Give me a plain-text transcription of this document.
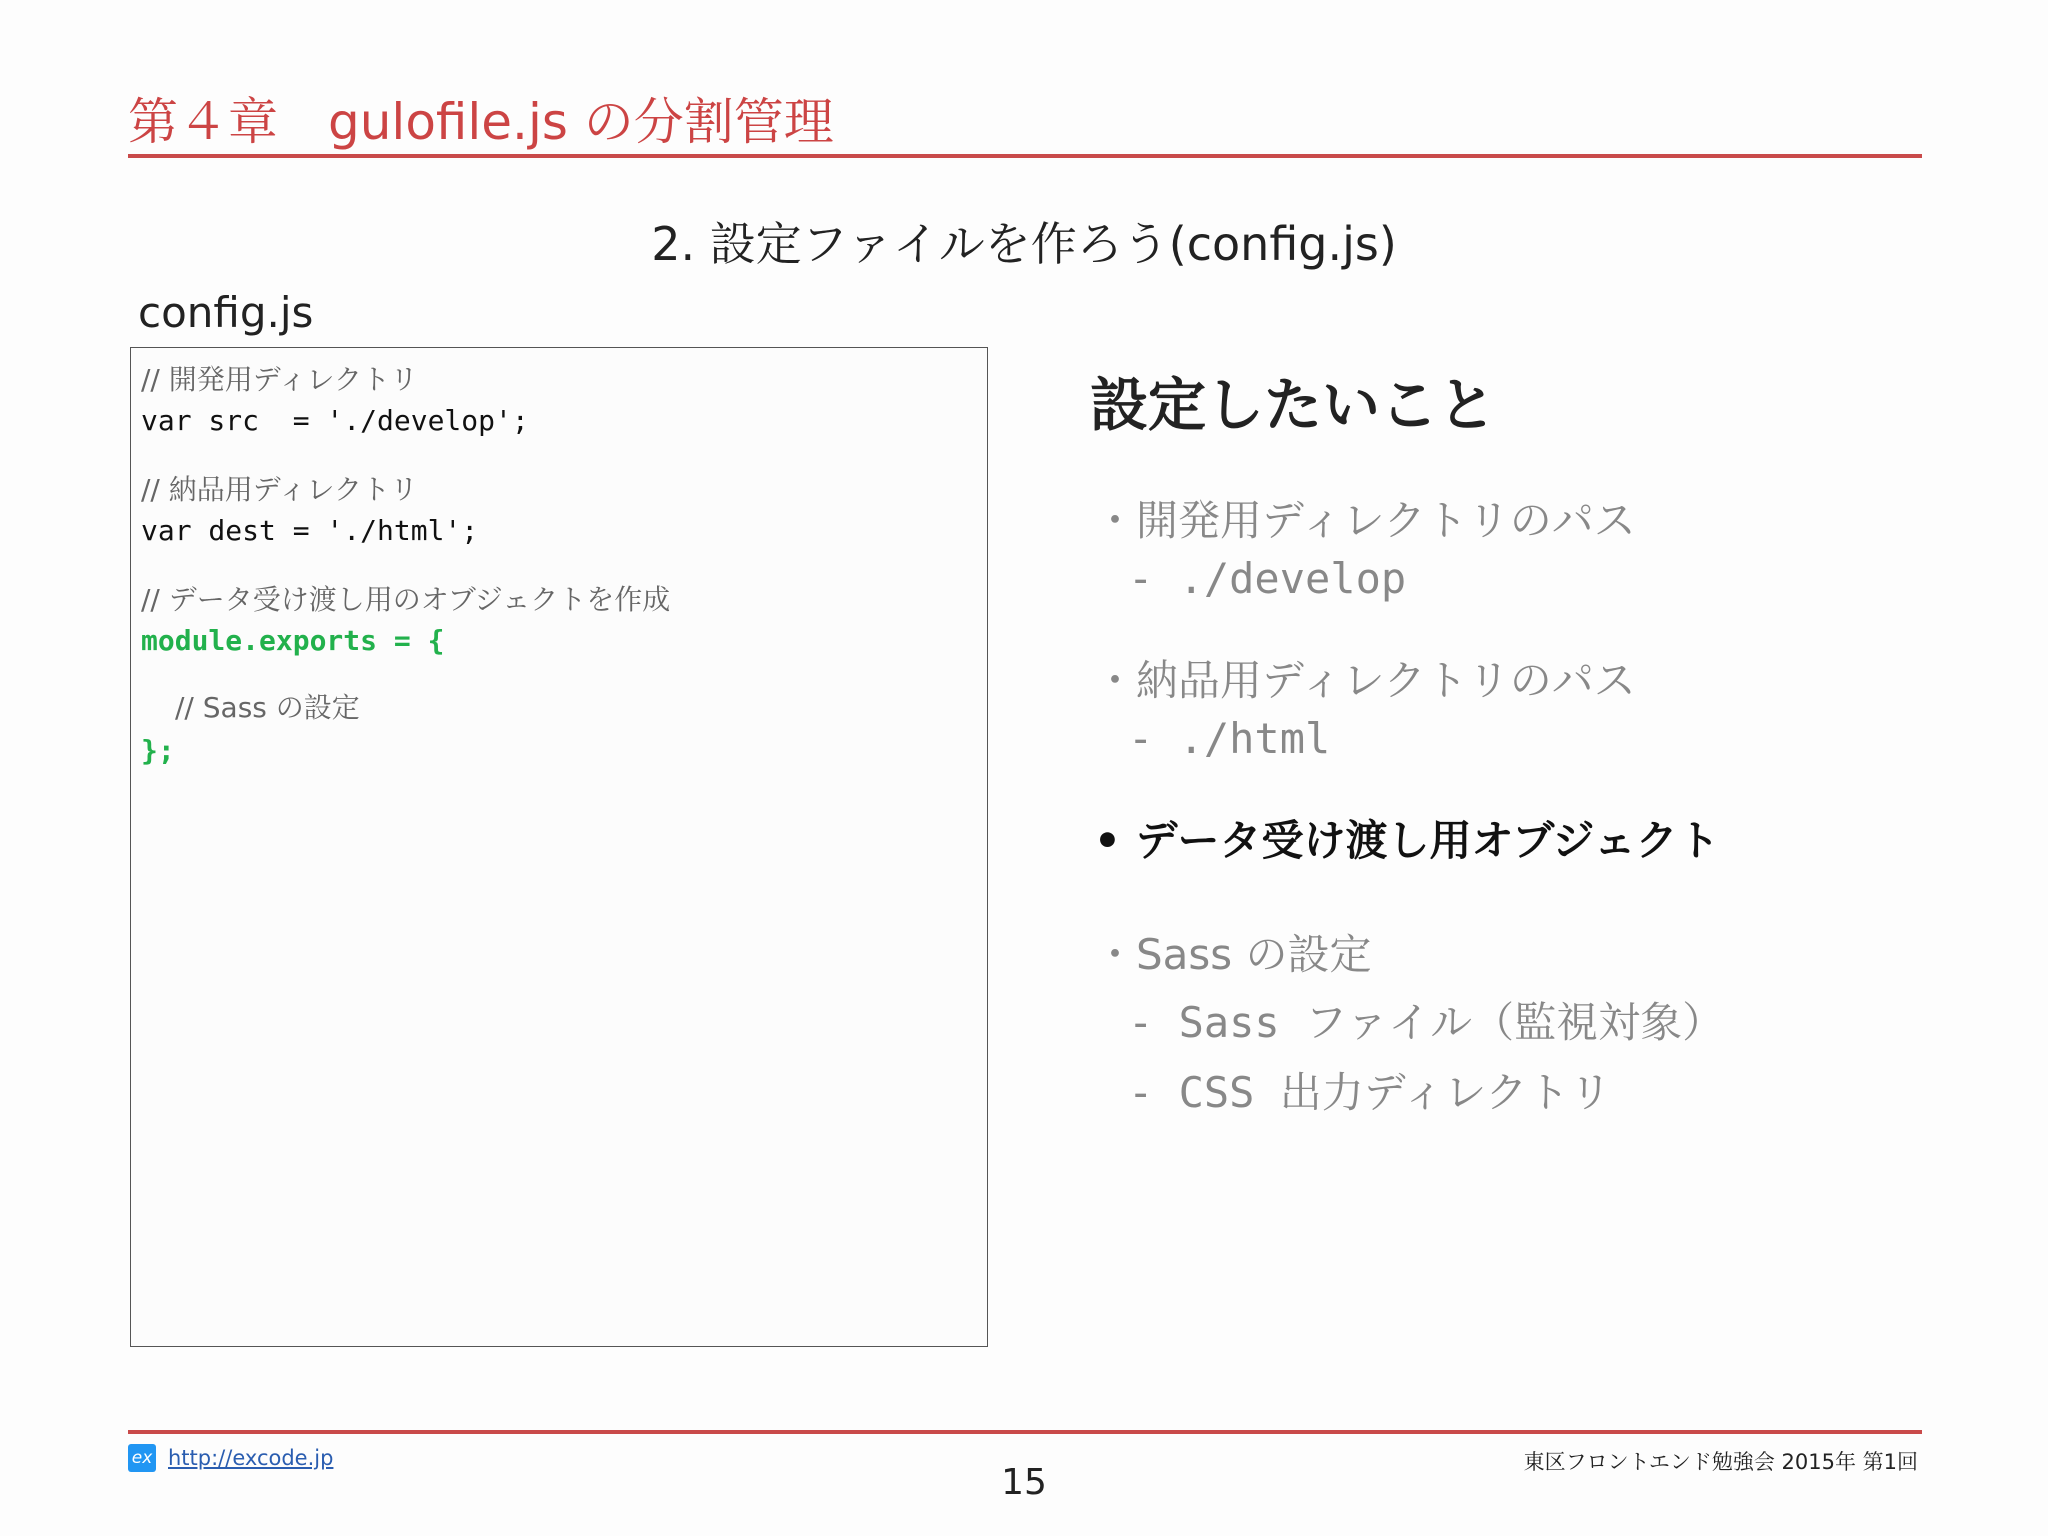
第４章　gulofile.js の分割管理
2. 設定ファイルを作ろう(config.js)
config.js
// 開発用ディレクトリ
var src  = './develop';
// 納品用ディレクトリ
var dest = './html';
// データ受け渡し用のオブジェクトを作成
module.exports = {
// Sass の設定
};
設定したいこと
・開発用ディレクトリのパス
- ./develop
・納品用ディレクトリのパス
- ./html
• データ受け渡し用オブジェクト
・Sass の設定
- Sass ファイル（監視対象）
- CSS 出力ディレクトリ
ex http://excode.jp
15	東区フロントエンド勉強会 2015年 第1回
